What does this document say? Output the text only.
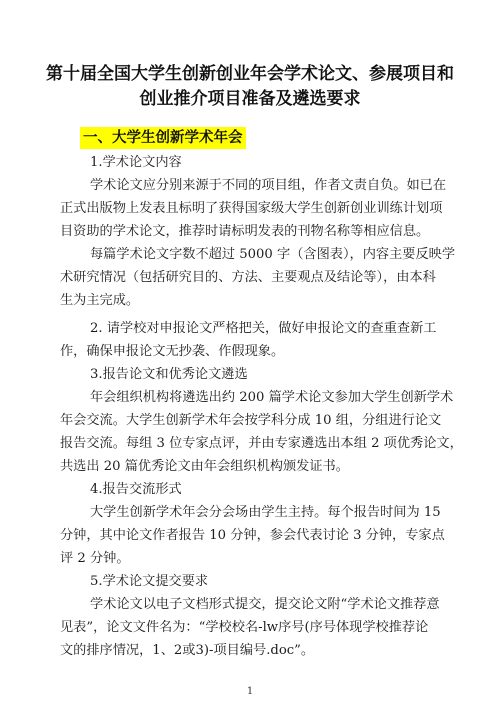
第十届全国大学生创新创业年会学术论文、参展项目和
创业推介项目准备及遴选要求
一、大学生创新学术年会
1.学术论文内容
学术论文应分别来源于不同的项目组，作者文责自负。如已在
正式出版物上发表且标明了获得国家级大学生创新创业训练计划项
目资助的学术论文，推荐时请标明发表的刊物名称等相应信息。
每篇学术论文字数不超过 5000 字（含图表），内容主要反映学
术研究情况（包括研究目的、方法、主要观点及结论等），由本科
生为主完成。
2. 请学校对申报论文严格把关，做好申报论文的查重查新工
作，确保申报论文无抄袭、作假现象。
3.报告论文和优秀论文遴选
年会组织机构将遴选出约 200 篇学术论文参加大学生创新学术
年会交流。大学生创新学术年会按学科分成 10 组，分组进行论文
报告交流。每组 3 位专家点评，并由专家遴选出本组 2 项优秀论文，
共选出 20 篇优秀论文由年会组织机构颁发证书。
4.报告交流形式
大学生创新学术年会分会场由学生主持。每个报告时间为 15
分钟，其中论文作者报告 10 分钟，参会代表讨论 3 分钟，专家点
评 2 分钟。
5.学术论文提交要求
学术论文以电子文档形式提交，提交论文附“学术论文推荐意
见表”，论文文件名为：“学校校名-lw序号(序号体现学校推荐论
文的排序情况，1、2或3)-项目编号.doc”。
1
